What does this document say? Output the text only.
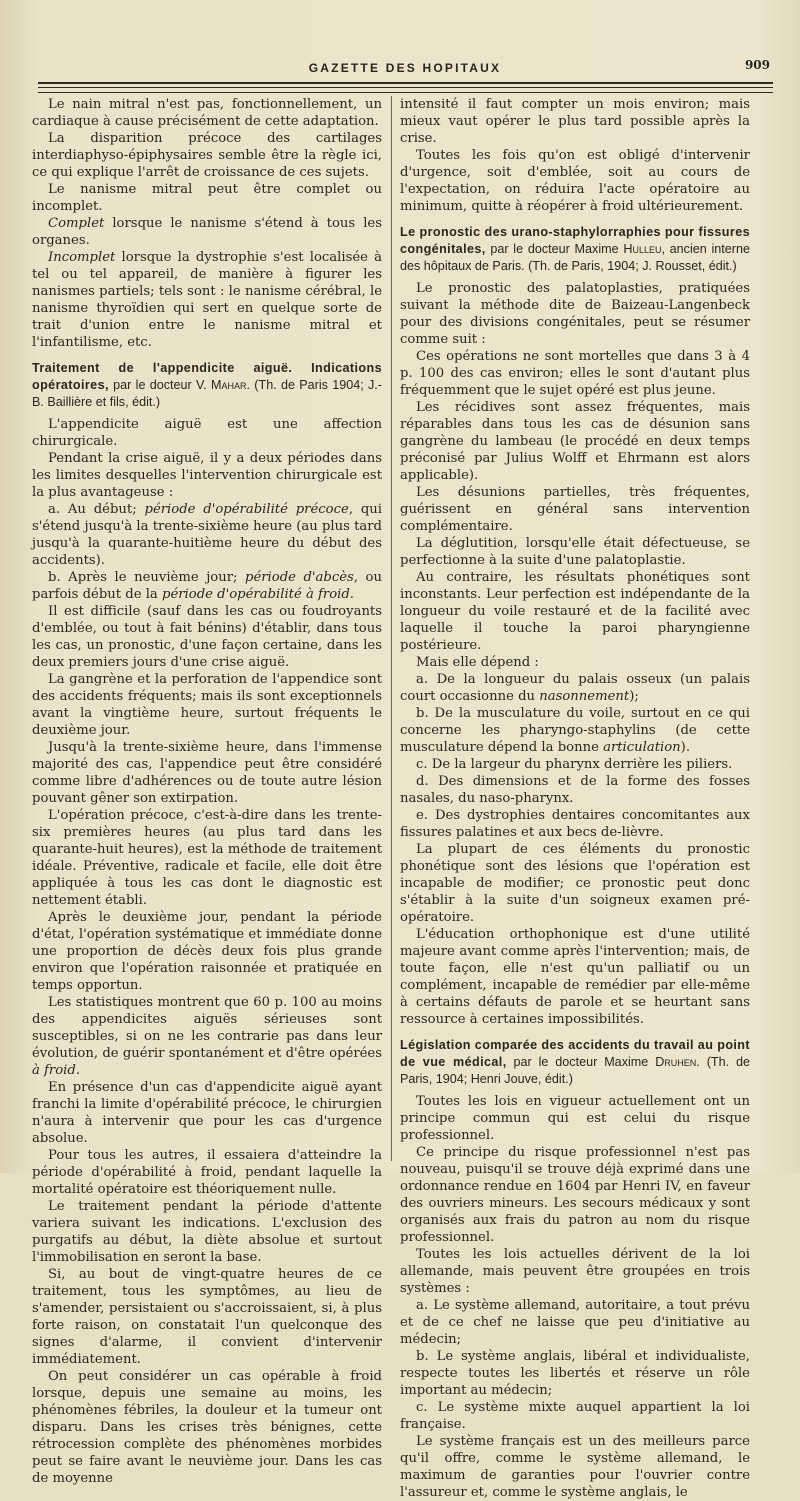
GAZETTE DES HOPITAUX	909

Le nain mitral n'est pas, fonctionnellement, un cardiaque à cause précisément de cette adaptation.

La disparition précoce des cartilages interdiaphyso-épiphysaires semble être la règle ici, ce qui explique l'arrêt de croissance de ces sujets.

Le nanisme mitral peut être complet ou incomplet.

Complet lorsque le nanisme s'étend à tous les organes.

Incomplet lorsque la dystrophie s'est localisée à tel ou tel appareil, de manière à figurer les nanismes partiels; tels sont : le nanisme cérébral, le nanisme thyroïdien qui sert en quelque sorte de trait d'union entre le nanisme mitral et l'infantilisme, etc.

Traitement de l'appendicite aiguë. Indications opératoires, par le docteur V. Mahar. (Th. de Paris 1904; J.-B. Baillière et fils, édit.)

L'appendicite aiguë est une affection chirurgicale.

Pendant la crise aiguë, il y a deux périodes dans les limites desquelles l'intervention chirurgicale est la plus avantageuse :

a. Au début; période d'opérabilité précoce, qui s'étend jusqu'à la trente-sixième heure (au plus tard jusqu'à la quarante-huitième heure du début des accidents).

b. Après le neuvième jour; période d'abcès, ou parfois début de la période d'opérabilité à froid.

Il est difficile (sauf dans les cas ou foudroyants d'emblée, ou tout à fait bénins) d'établir, dans tous les cas, un pronostic, d'une façon certaine, dans les deux premiers jours d'une crise aiguë.

La gangrène et la perforation de l'appendice sont des accidents fréquents; mais ils sont exceptionnels avant la vingtième heure, surtout fréquents le deuxième jour.

Jusqu'à la trente-sixième heure, dans l'immense majorité des cas, l'appendice peut être considéré comme libre d'adhérences ou de toute autre lésion pouvant gêner son extirpation.

L'opération précoce, c'est-à-dire dans les trente-six premières heures (au plus tard dans les quarante-huit heures), est la méthode de traitement idéale. Préventive, radicale et facile, elle doit être appliquée à tous les cas dont le diagnostic est nettement établi.

Après le deuxième jour, pendant la période d'état, l'opération systématique et immédiate donne une proportion de décès deux fois plus grande environ que l'opération raisonnée et pratiquée en temps opportun.

Les statistiques montrent que 60 p. 100 au moins des appendicites aiguës sérieuses sont susceptibles, si on ne les contrarie pas dans leur évolution, de guérir spontanément et d'être opérées à froid.

En présence d'un cas d'appendicite aiguë ayant franchi la limite d'opérabilité précoce, le chirurgien n'aura à intervenir que pour les cas d'urgence absolue.

Pour tous les autres, il essaiera d'atteindre la période d'opérabilité à froid, pendant laquelle la mortalité opératoire est théoriquement nulle.

Le traitement pendant la période d'attente variera suivant les indications. L'exclusion des purgatifs au début, la diète absolue et surtout l'immobilisation en seront la base.

Si, au bout de vingt-quatre heures de ce traitement, tous les symptômes, au lieu de s'amender, persistaient ou s'accroissaient, si, à plus forte raison, on constatait l'un quelconque des signes d'alarme, il convient d'intervenir immédiatement.

On peut considérer un cas opérable à froid lorsque, depuis une semaine au moins, les phénomènes fébriles, la douleur et la tumeur ont disparu. Dans les crises très bénignes, cette rétrocession complète des phénomènes morbides peut se faire avant le neuvième jour. Dans les cas de moyenne

intensité il faut compter un mois environ; mais mieux vaut opérer le plus tard possible après la crise.

Toutes les fois qu'on est obligé d'intervenir d'urgence, soit d'emblée, soit au cours de l'expectation, on réduira l'acte opératoire au minimum, quitte à réopérer à froid ultérieurement.

Le pronostic des urano-staphylorraphies pour fissures congénitales, par le docteur Maxime Hulleu, ancien interne des hôpitaux de Paris. (Th. de Paris, 1904; J. Rousset, édit.)

Le pronostic des palatoplasties, pratiquées suivant la méthode dite de Baizeau-Langenbeck pour des divisions congénitales, peut se résumer comme suit :

Ces opérations ne sont mortelles que dans 3 à 4 p. 100 des cas environ; elles le sont d'autant plus fréquemment que le sujet opéré est plus jeune.

Les récidives sont assez fréquentes, mais réparables dans tous les cas de désunion sans gangrène du lambeau (le procédé en deux temps préconisé par Julius Wolff et Ehrmann est alors applicable).

Les désunions partielles, très fréquentes, guérissent en général sans intervention complémentaire.

La déglutition, lorsqu'elle était défectueuse, se perfectionne à la suite d'une palatoplastie.

Au contraire, les résultats phonétiques sont inconstants. Leur perfection est indépendante de la longueur du voile restauré et de la facilité avec laquelle il touche la paroi pharyngienne postérieure.

Mais elle dépend :

a. De la longueur du palais osseux (un palais court occasionne du nasonnement);

b. De la musculature du voile, surtout en ce qui concerne les pharyngo-staphylins (de cette musculature dépend la bonne articulation).

c. De la largeur du pharynx derrière les piliers.

d. Des dimensions et de la forme des fosses nasales, du naso-pharynx.

e. Des dystrophies dentaires concomitantes aux fissures palatines et aux becs de-lièvre.

La plupart de ces éléments du pronostic phonétique sont des lésions que l'opération est incapable de modifier; ce pronostic peut donc s'établir à la suite d'un soigneux examen pré-opératoire.

L'éducation orthophonique est d'une utilité majeure avant comme après l'intervention; mais, de toute façon, elle n'est qu'un palliatif ou un complément, incapable de remédier par elle-même à certains défauts de parole et se heurtant sans ressource à certaines impossibilités.

Législation comparée des accidents du travail au point de vue médical, par le docteur Maxime Druhen. (Th. de Paris, 1904; Henri Jouve, édit.)

Toutes les lois en vigueur actuellement ont un principe commun qui est celui du risque professionnel.

Ce principe du risque professionnel n'est pas nouveau, puisqu'il se trouve déjà exprimé dans une ordonnance rendue en 1604 par Henri IV, en faveur des ouvriers mineurs. Les secours médicaux y sont organisés aux frais du patron au nom du risque professionnel.

Toutes les lois actuelles dérivent de la loi allemande, mais peuvent être groupées en trois systèmes :

a. Le système allemand, autoritaire, a tout prévu et de ce chef ne laisse que peu d'initiative au médecin;

b. Le système anglais, libéral et individualiste, respecte toutes les libertés et réserve un rôle important au médecin;

c. Le système mixte auquel appartient la loi française.

Le système français est un des meilleurs parce qu'il offre, comme le système allemand, le maximum de garanties pour l'ouvrier contre l'assureur et, comme le système anglais, le
